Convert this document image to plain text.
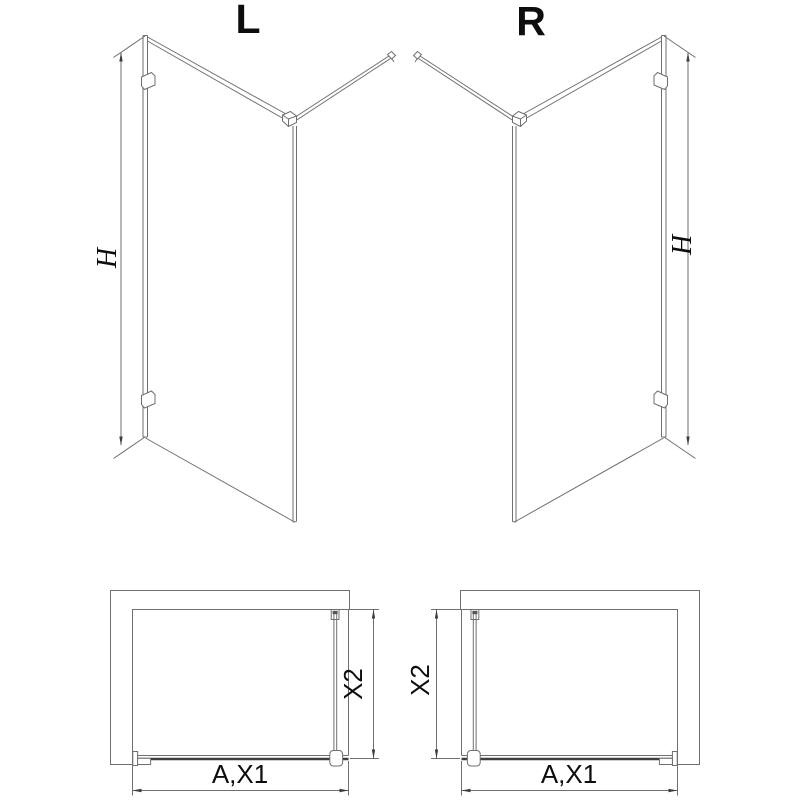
L	R
H
H
X2 X2
A,X1	A,X1
